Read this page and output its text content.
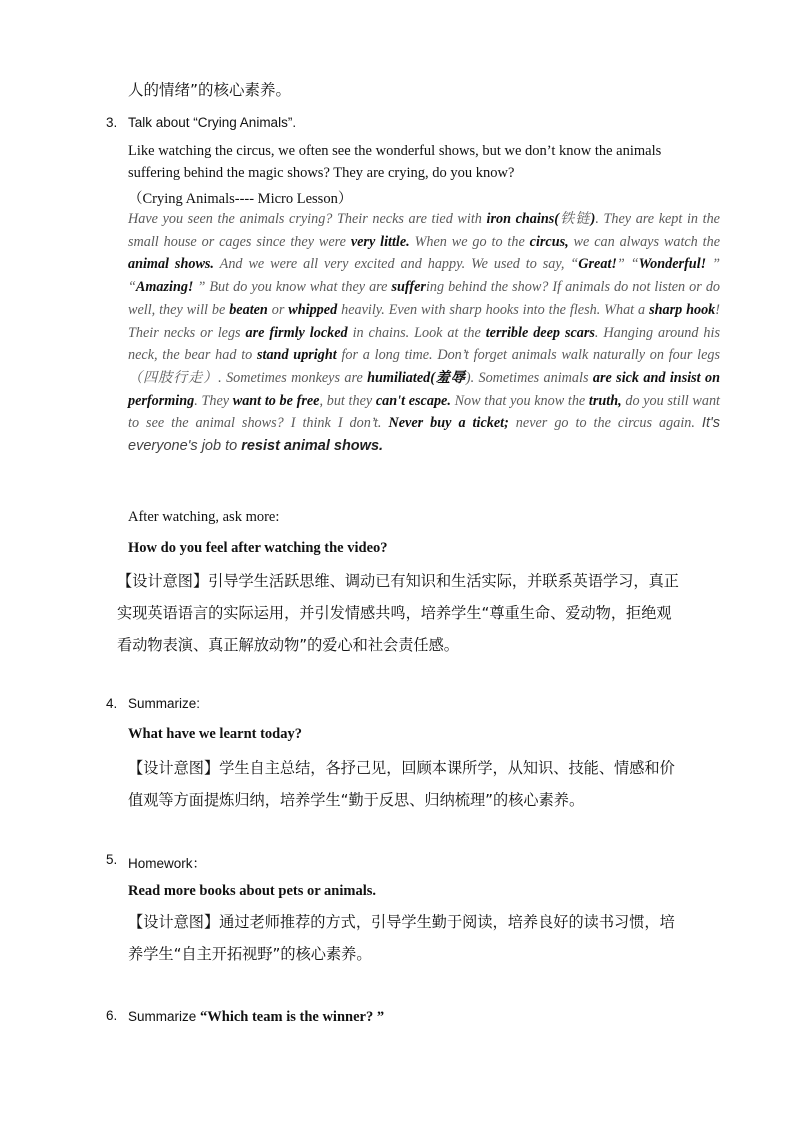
人的情绪”的核心素养。
3. Talk about “Crying Animals”.
Like watching the circus, we often see the wonderful shows, but we don’t know the animals
suffering behind the magic shows? They are crying, do you know?
（Crying Animals---- Micro Lesson）
Have you seen the animals crying? Their necks are tied with iron chains(铁链). They are kept in the small house or cages since they were very little. When we go to the circus, we can always watch the animal shows. And we were all very excited and happy. We used to say, “Great!” “Wonderful! ” “Amazing! ” But do you know what they are suffering behind the show? If animals do not listen or do well, they will be beaten or whipped heavily. Even with sharp hooks into the flesh. What a sharp hook! Their necks or legs are firmly locked in chains. Look at the terrible deep scars. Hanging around his neck, the bear had to stand upright for a long time. Don’t forget animals walk naturally on four legs（四肢行走）. Sometimes monkeys are humiliated(羞辱). Sometimes animals are sick and insist on performing. They want to be free, but they can't escape. Now that you know the truth, do you still want to see the animal shows? I think I don’t. Never buy a ticket; never go to the circus again. It's everyone's job to resist animal shows.
After watching, ask more:
How do you feel after watching the video?
【设计意图】引导学生活跃思维、调动已有知识和生活实际，并联系英语学习，真正
实现英语语言的实际运用，并引发情感共鸣，培养学生“尊重生命、爱动物，拒绝观
看动物表演、真正解放动物”的爱心和社会责任感。
4. Summarize:
What have we learnt today?
【设计意图】学生自主总结，各抒己见，回顾本课所学，从知识、技能、情感和价
值观等方面提炼归纳，培养学生“勤于反思、归纳梳理”的核心素养。
5. Homework：
Read more books about pets or animals.
【设计意图】通过老师推荐的方式，引导学生勤于阅读，培养良好的读书习惯，培
养学生“自主开拓视野”的核心素养。
6. Summarize “Which team is the winner? ”
